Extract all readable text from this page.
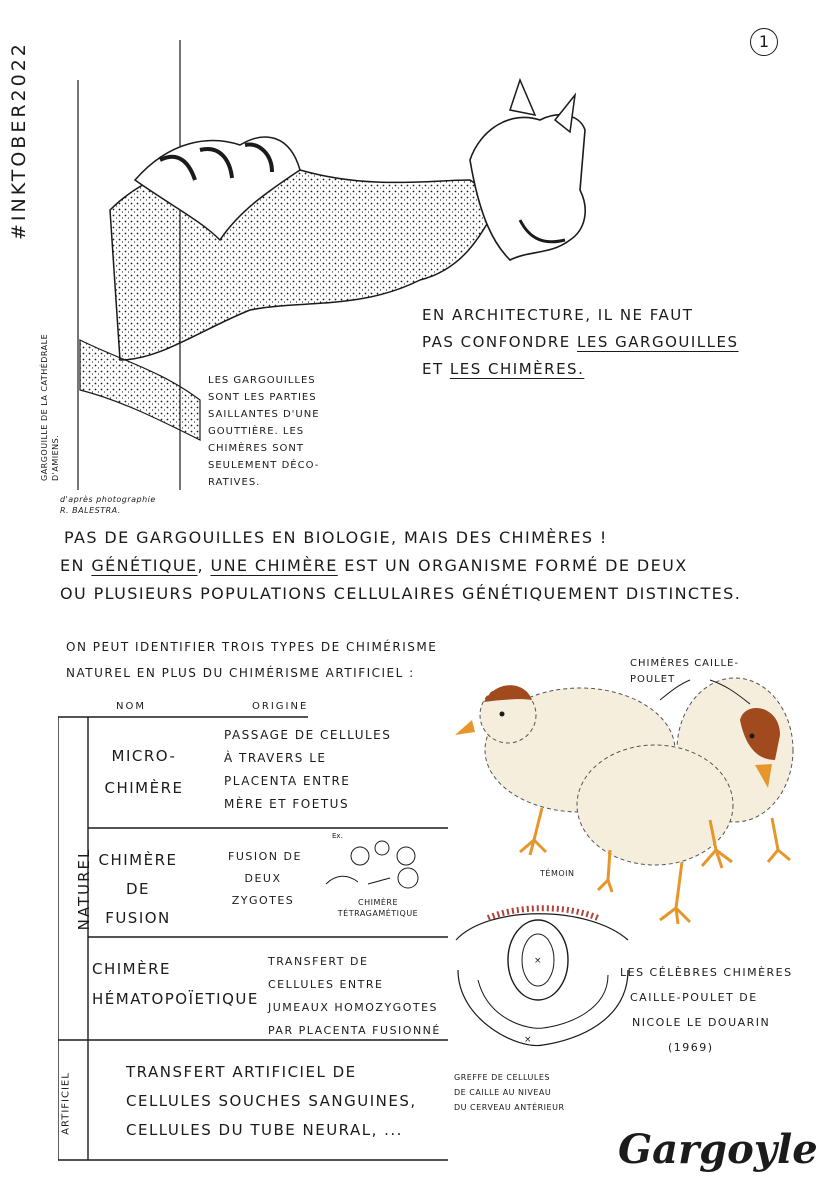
1
#INKTOBER2022
GARGOUILLE DE LA CATHÉDRALE D'AMIENS.
LES GARGOUILLES
SONT LES PARTIES
SAILLANTES D'UNE
GOUTTIÈRE. LES
CHIMÈRES SONT
SEULEMENT DÉCO-
RATIVES.
d'après photographie
R. BALESTRA.
EN ARCHITECTURE, IL NE FAUT
PAS CONFONDRE LES GARGOUILLES
ET LES CHIMÈRES.
PAS DE GARGOUILLES EN BIOLOGIE, MAIS DES CHIMÈRES !
EN GÉNÉTIQUE, UNE CHIMÈRE EST UN ORGANISME FORMÉ DE DEUX
OU PLUSIEURS POPULATIONS CELLULAIRES GÉNÉTIQUEMENT DISTINCTES.
ON PEUT IDENTIFIER TROIS TYPES DE CHIMÉRISME
NATUREL EN PLUS DU CHIMÉRISME ARTIFICIEL :
NOM	ORIGINE
NATUREL
ARTIFICIEL
MICRO-
CHIMÈRE
PASSAGE DE CELLULES
À TRAVERS LE
PLACENTA ENTRE
MÈRE ET FOETUS
CHIMÈRE
DE
FUSION
FUSION DE
DEUX
ZYGOTES
Ex.
CHIMÈRE
TÉTRAGAMÉTIQUE
CHIMÈRE
HÉMATOPOÏETIQUE
TRANSFERT DE
CELLULES ENTRE
JUMEAUX HOMOZYGOTES
PAR PLACENTA FUSIONNÉ
TRANSFERT ARTIFICIEL DE
CELLULES SOUCHES SANGUINES,
CELLULES DU TUBE NEURAL, ...
CHIMÈRES CAILLE-
POULET
TÉMOIN
×
×
GREFFE DE CELLULES
DE CAILLE AU NIVEAU
DU CERVEAU ANTÉRIEUR
LES CÉLÈBRES CHIMÈRES
CAILLE-POULET DE
NICOLE LE DOUARIN
(1969)
Gargoyle
